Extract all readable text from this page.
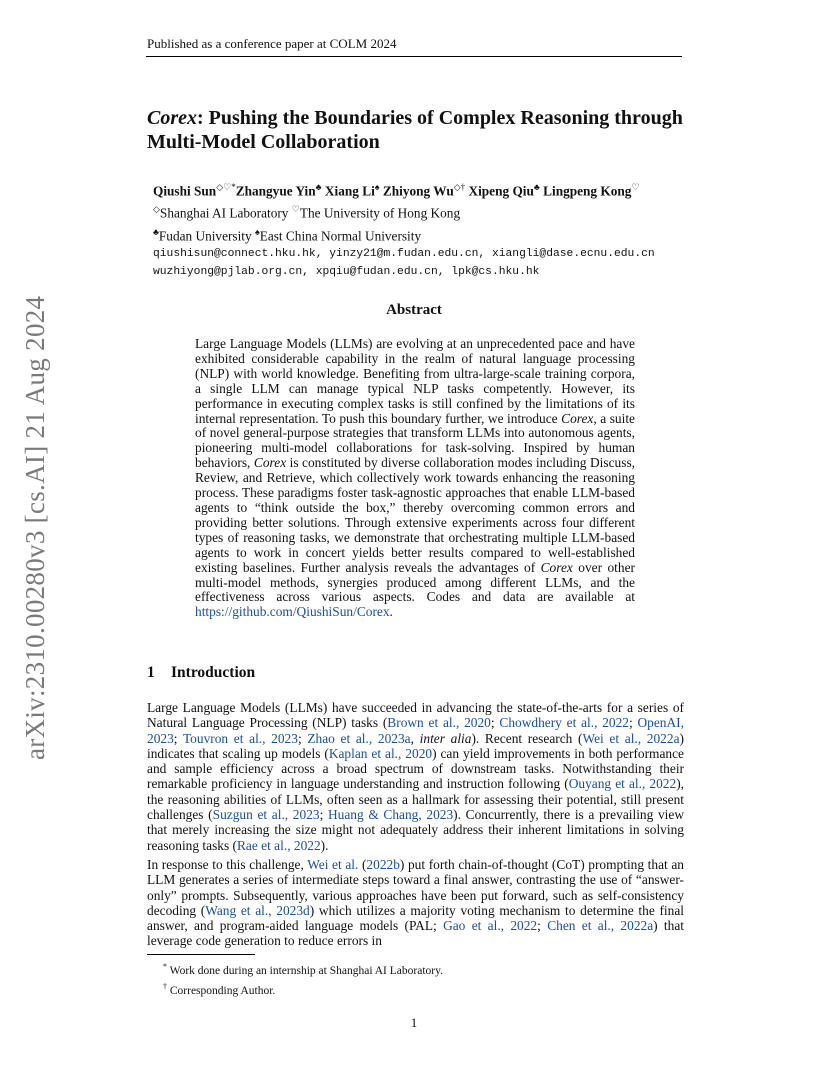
Published as a conference paper at COLM 2024
arXiv:2310.00280v3 [cs.AI] 21 Aug 2024
Corex: Pushing the Boundaries of Complex Reasoning through Multi-Model Collaboration
Qiushi Sun◇♡*Zhangyue Yin♣ Xiang Li♠ Zhiyong Wu◇† Xipeng Qiu♣ Lingpeng Kong♡
◇Shanghai AI Laboratory ♡The University of Hong Kong
♣Fudan University ♠East China Normal University
qiushisun@connect.hku.hk, yinzy21@m.fudan.edu.cn, xiangli@dase.ecnu.edu.cn
wuzhiyong@pjlab.org.cn, xpqiu@fudan.edu.cn, lpk@cs.hku.hk
Abstract
Large Language Models (LLMs) are evolving at an unprecedented pace and have exhibited considerable capability in the realm of natural language processing (NLP) with world knowledge. Benefiting from ultra-large-scale training corpora, a single LLM can manage typical NLP tasks competently. However, its performance in executing complex tasks is still confined by the limitations of its internal representation. To push this boundary further, we introduce Corex, a suite of novel general-purpose strategies that transform LLMs into autonomous agents, pioneering multi-model collaborations for task-solving. Inspired by human behaviors, Corex is constituted by diverse collaboration modes including Discuss, Review, and Retrieve, which collectively work towards enhancing the reasoning process. These paradigms foster task-agnostic approaches that enable LLM-based agents to “think outside the box,” thereby overcoming common errors and providing better solutions. Through extensive experiments across four different types of reasoning tasks, we demonstrate that orchestrating multiple LLM-based agents to work in concert yields better results compared to well-established existing baselines. Further analysis reveals the advantages of Corex over other multi-model methods, synergies produced among different LLMs, and the effectiveness across various aspects. Codes and data are available at https://github.com/QiushiSun/Corex.
1 Introduction
Large Language Models (LLMs) have succeeded in advancing the state-of-the-arts for a series of Natural Language Processing (NLP) tasks (Brown et al., 2020; Chowdhery et al., 2022; OpenAI, 2023; Touvron et al., 2023; Zhao et al., 2023a, inter alia). Recent research (Wei et al., 2022a) indicates that scaling up models (Kaplan et al., 2020) can yield improvements in both performance and sample efficiency across a broad spectrum of downstream tasks. Notwithstanding their remarkable proficiency in language understanding and instruction following (Ouyang et al., 2022), the reasoning abilities of LLMs, often seen as a hallmark for assessing their potential, still present challenges (Suzgun et al., 2023; Huang & Chang, 2023). Concurrently, there is a prevailing view that merely increasing the size might not adequately address their inherent limitations in solving reasoning tasks (Rae et al., 2022).
In response to this challenge, Wei et al. (2022b) put forth chain-of-thought (CoT) prompting that an LLM generates a series of intermediate steps toward a final answer, contrasting the use of “answer-only” prompts. Subsequently, various approaches have been put forward, such as self-consistency decoding (Wang et al., 2023d) which utilizes a majority voting mechanism to determine the final answer, and program-aided language models (PAL; Gao et al., 2022; Chen et al., 2022a) that leverage code generation to reduce errors in
* Work done during an internship at Shanghai AI Laboratory.
† Corresponding Author.
1
